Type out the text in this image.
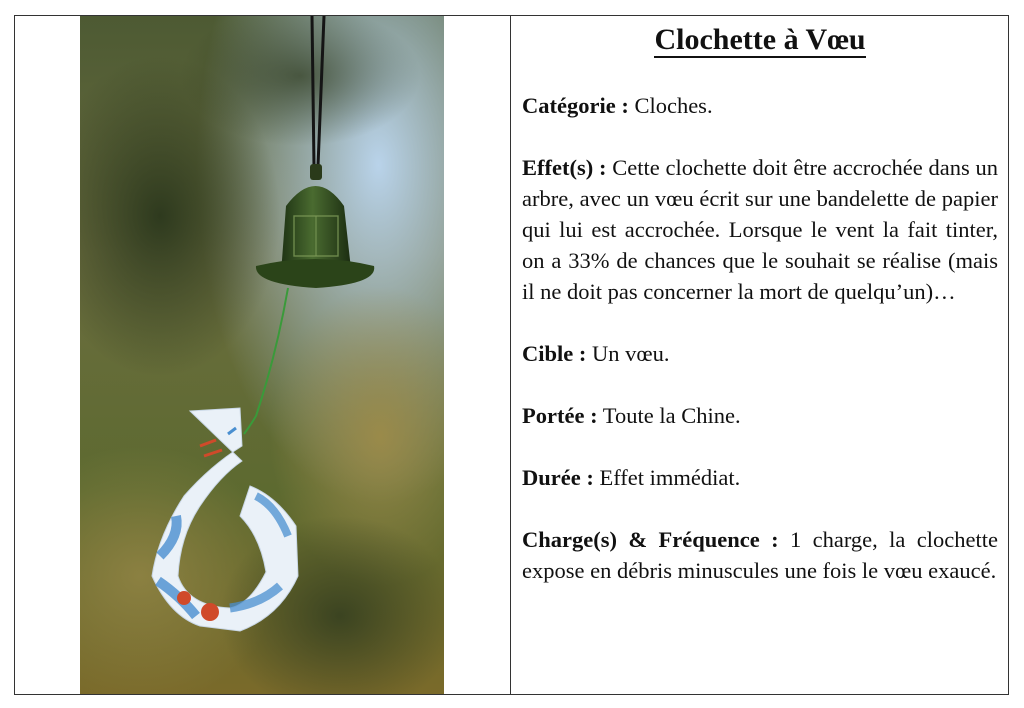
Clochette à Vœu

Catégorie : Cloches.

Effet(s) : Cette clochette doit être accrochée dans un arbre, avec un vœu écrit sur une bandelette de papier qui lui est accrochée. Lorsque le vent la fait tinter, on a 33% de chances que le souhait se réalise (mais il ne doit pas concerner la mort de quelqu’un)…

Cible : Un vœu.

Portée : Toute la Chine.

Durée : Effet immédiat.

Charge(s) & Fréquence : 1 charge, la clochette expose en débris minuscules une fois le vœu exaucé.
